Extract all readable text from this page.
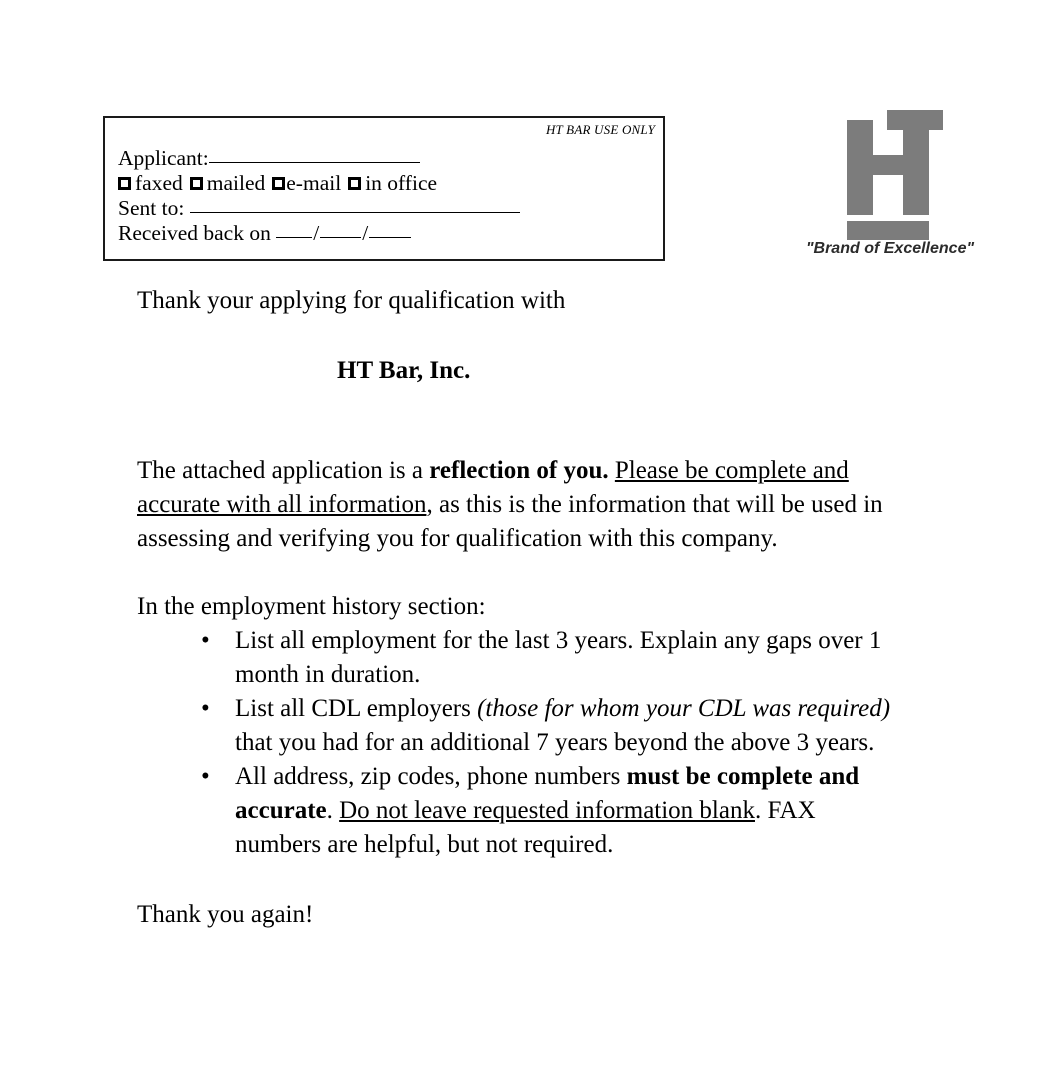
HT BAR USE ONLY
Applicant:
faxed mailed e-mail in office
Sent to:
Received back on / /
"Brand of Excellence"

Thank your applying for qualification with

HT Bar, Inc.

The attached application is a reflection of you. Please be complete and accurate with all information, as this is the information that will be used in assessing and verifying you for qualification with this company.

In the employment history section:

• List all employment for the last 3 years. Explain any gaps over 1 month in duration.
• List all CDL employers (those for whom your CDL was required) that you had for an additional 7 years beyond the above 3 years.
• All address, zip codes, phone numbers must be complete and accurate. Do not leave requested information blank. FAX numbers are helpful, but not required.

Thank you again!
